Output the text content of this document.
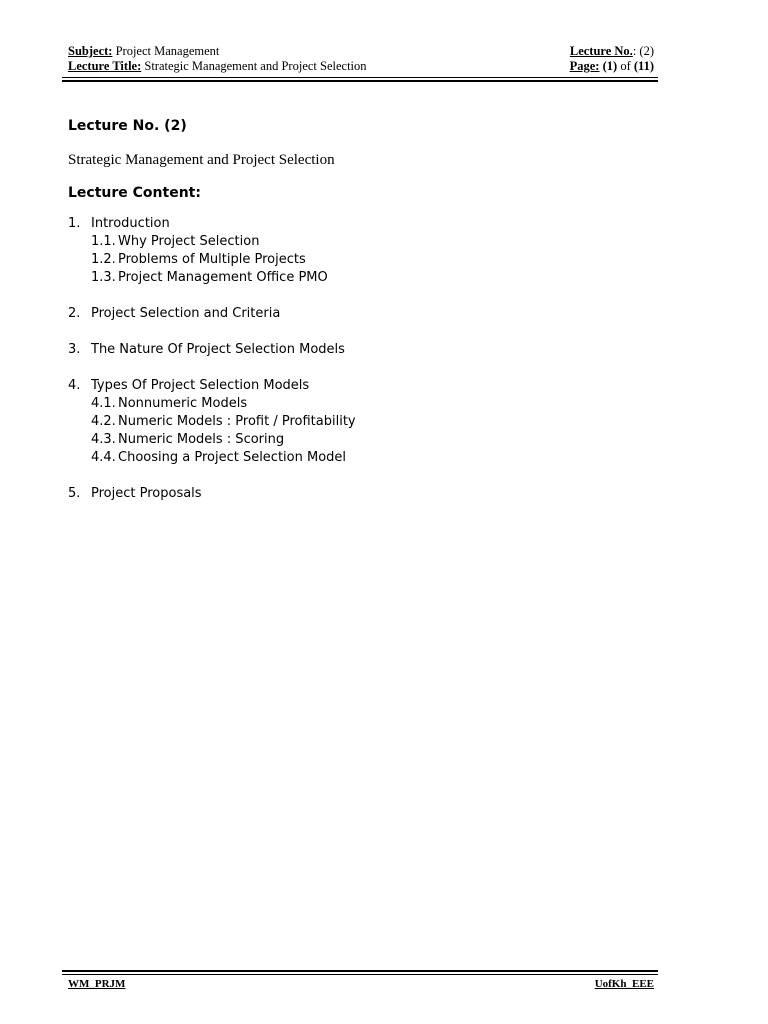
Subject: Project Management	Lecture No.: (2)
Lecture Title: Strategic Management and Project Selection	Page: (1) of (11)
Lecture No. (2)
Strategic Management and Project Selection
Lecture Content:
1. Introduction
1.1. Why Project Selection
1.2. Problems of Multiple Projects
1.3. Project Management Office PMO
2. Project Selection and Criteria
3. The Nature Of Project Selection Models
4. Types Of Project Selection Models
4.1. Nonnumeric Models
4.2. Numeric Models : Profit / Profitability
4.3. Numeric Models : Scoring
4.4. Choosing a Project Selection Model
5. Project Proposals
WM_PRJM	UofKh_EEE
